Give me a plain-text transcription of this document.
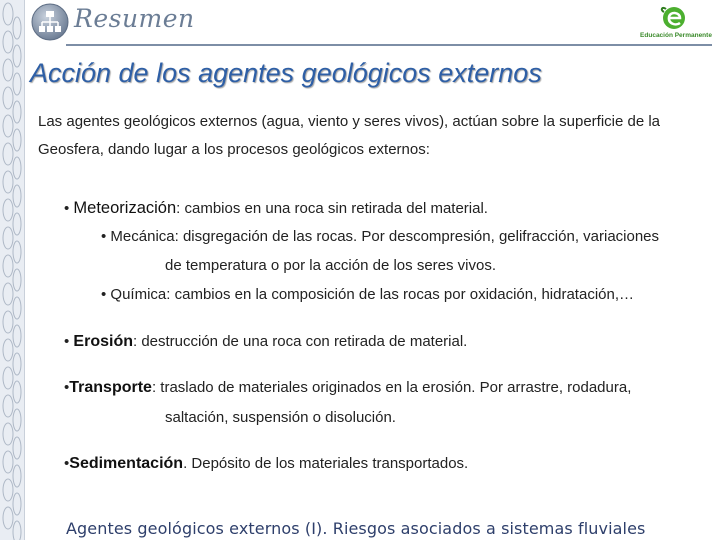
Resumen
Educación Permanente
Acción de los agentes geológicos externos
Las agentes geológicos externos (agua, viento y seres vivos), actúan sobre la superficie de la Geosfera, dando lugar a los procesos geológicos externos:
• Meteorización: cambios en una roca sin retirada del material.
• Mecánica: disgregación de las rocas. Por descompresión, gelifracción, variaciones
de temperatura o por la acción de los seres vivos.
• Química: cambios en la composición de las rocas por oxidación, hidratación,…
• Erosión: destrucción de una roca con retirada de material.
•Transporte: traslado de materiales originados en la erosión. Por arrastre, rodadura,
saltación, suspensión o disolución.
•Sedimentación. Depósito de los materiales transportados.
Agentes geológicos externos (I). Riesgos asociados a sistemas fluviales
